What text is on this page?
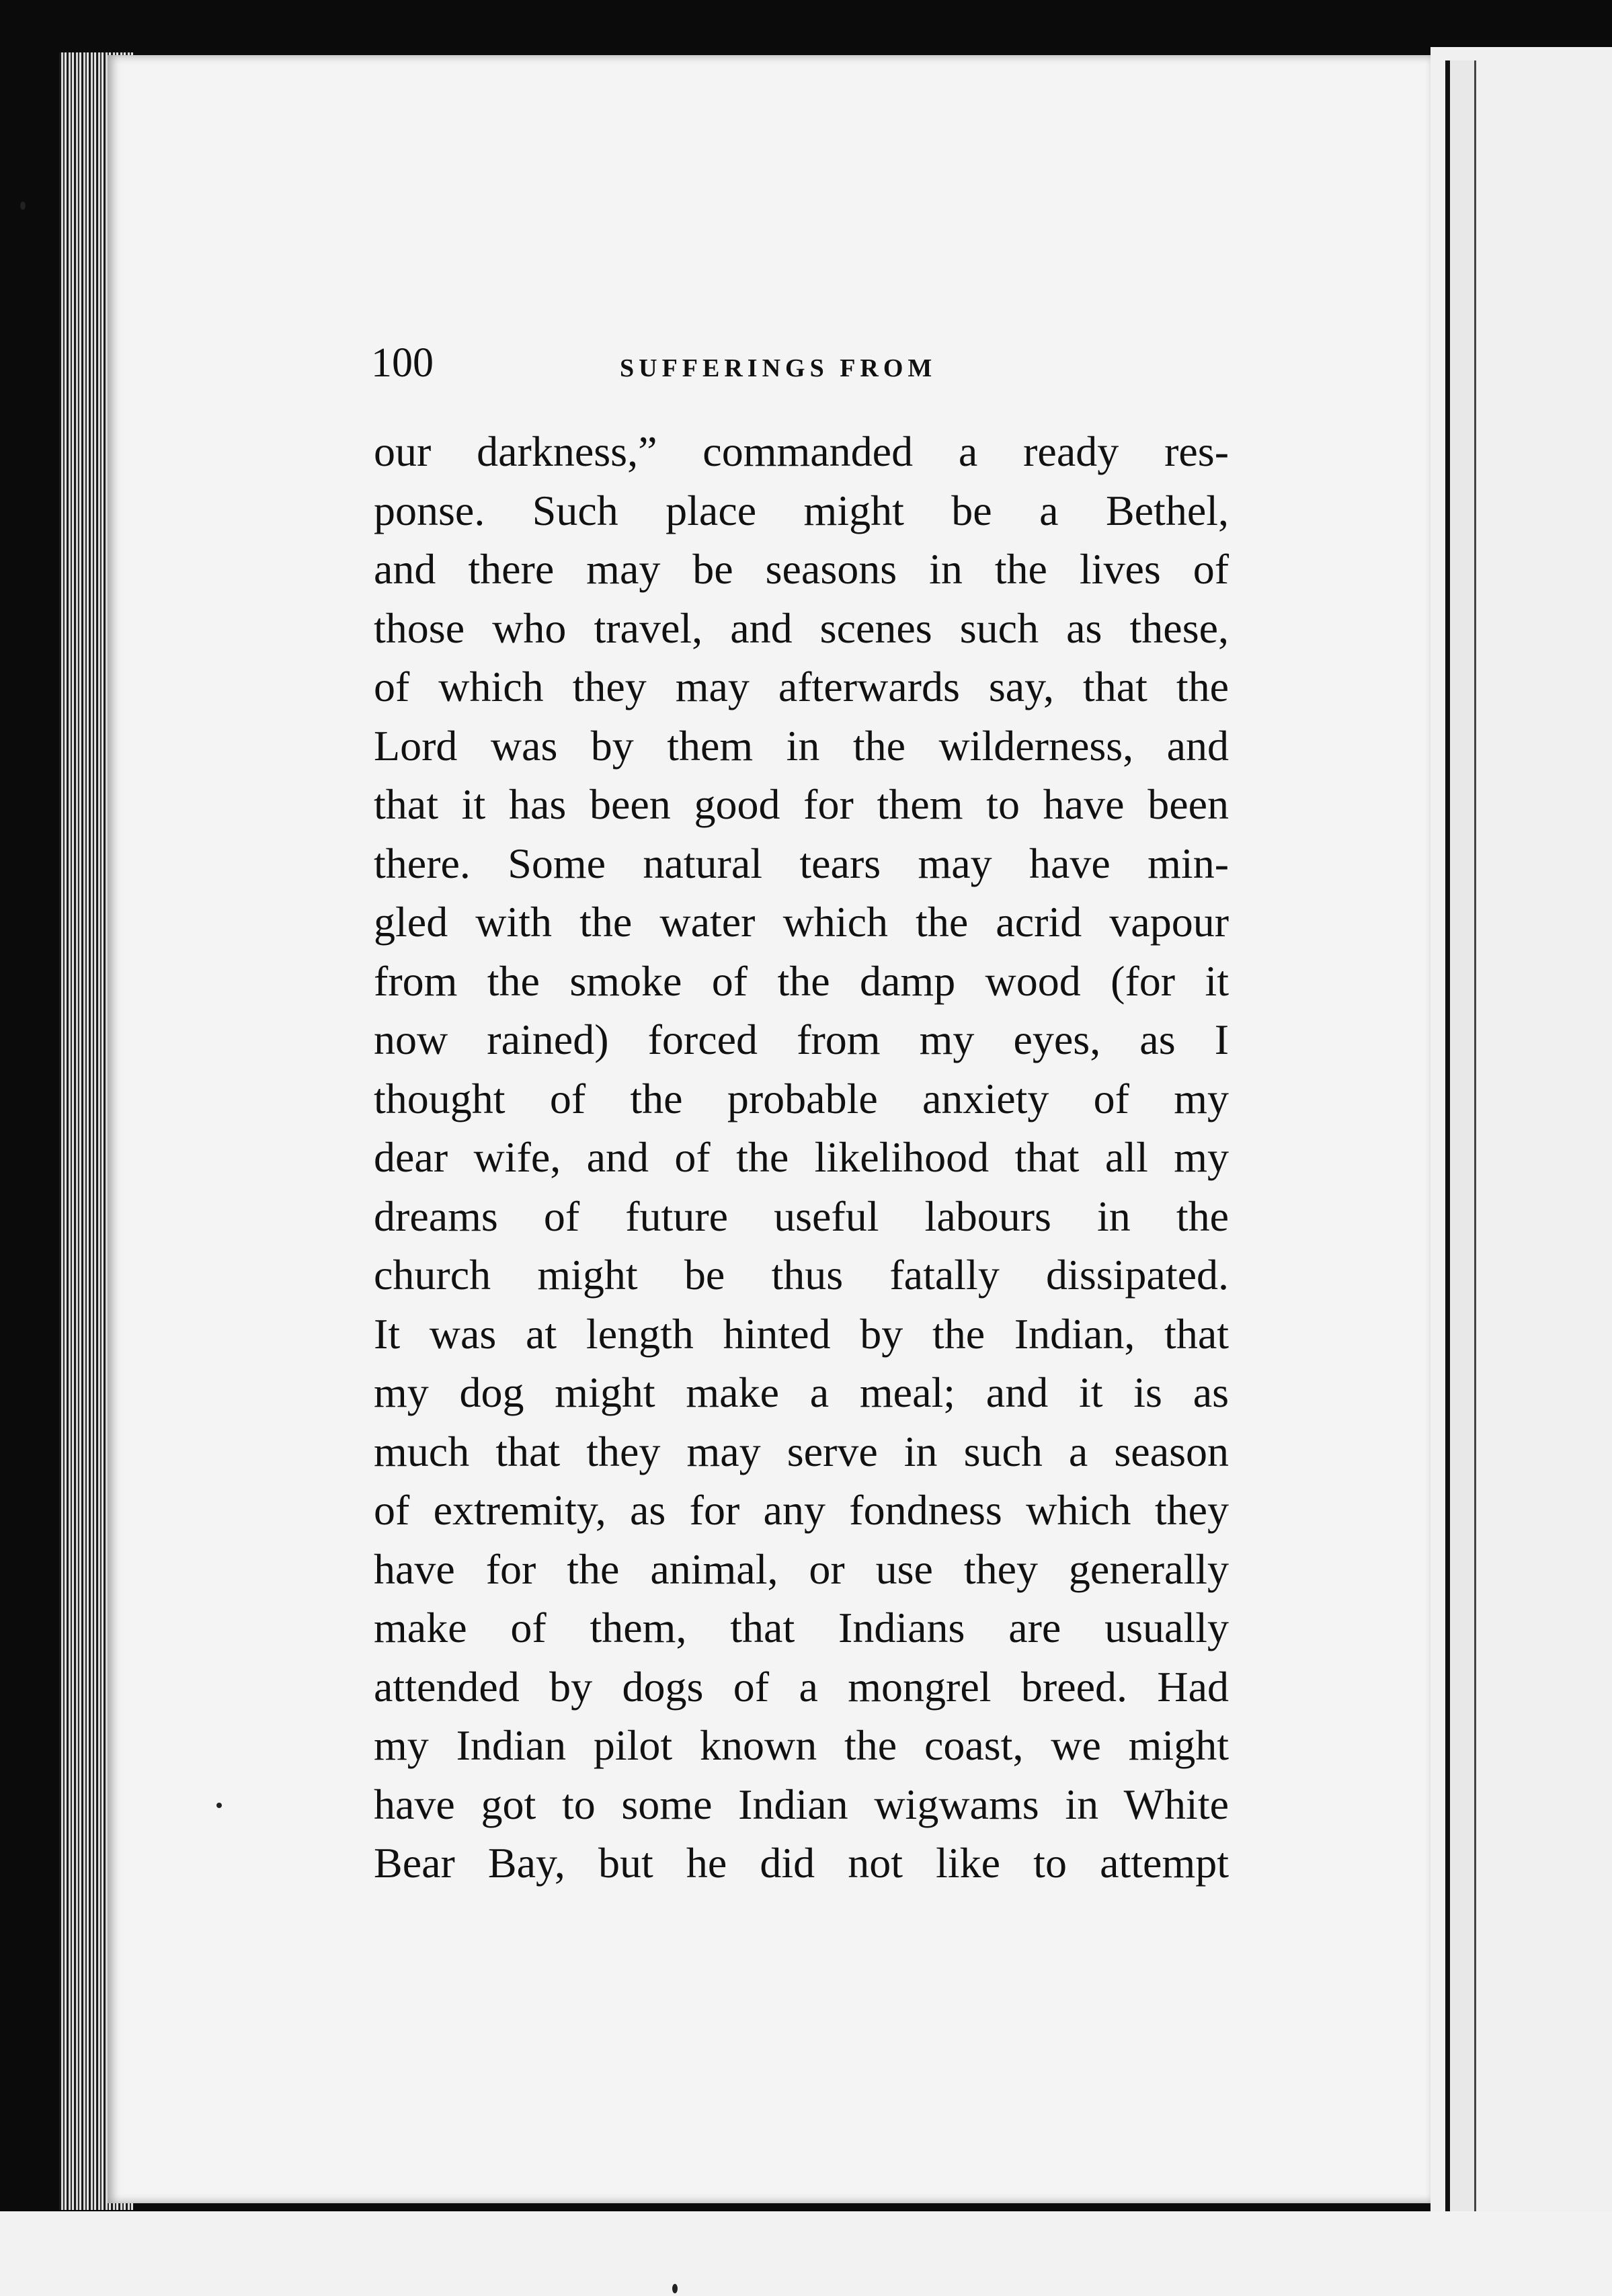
100	SUFFERINGS FROM
our darkness,” commanded a ready res-
ponse. Such place might be a Bethel,
and there may be seasons in the lives of
those who travel, and scenes such as these,
of which they may afterwards say, that the
Lord was by them in the wilderness, and
that it has been good for them to have been
there. Some natural tears may have min-
gled with the water which the acrid vapour
from the smoke of the damp wood (for it
now rained) forced from my eyes, as I
thought of the probable anxiety of my
dear wife, and of the likelihood that all my
dreams of future useful labours in the
church might be thus fatally dissipated.
It was at length hinted by the Indian, that
my dog might make a meal; and it is as
much that they may serve in such a season
of extremity, as for any fondness which they
have for the animal, or use they generally
make of them, that Indians are usually
attended by dogs of a mongrel breed. Had
my Indian pilot known the coast, we might
have got to some Indian wigwams in White
Bear Bay, but he did not like to attempt
